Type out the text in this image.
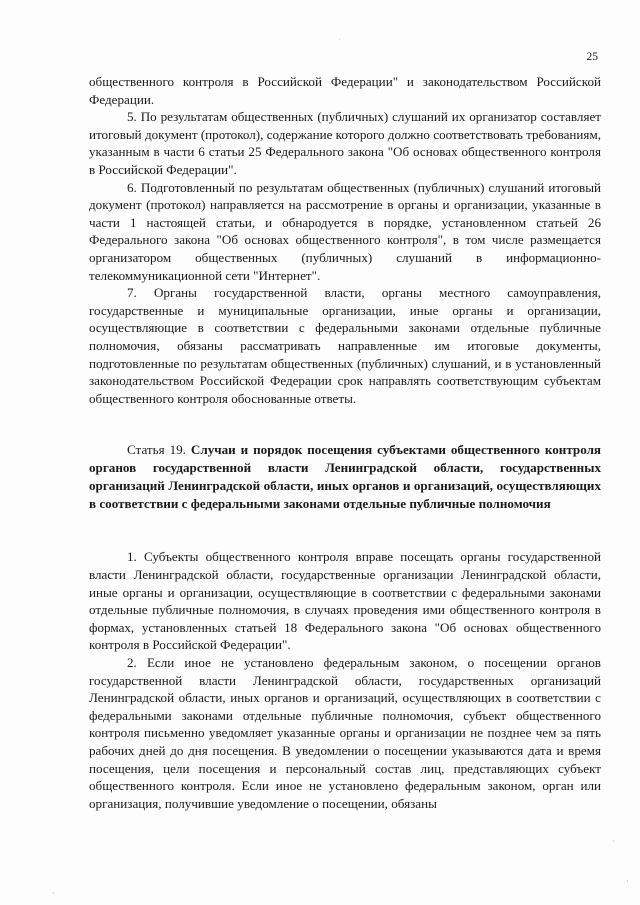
˙
·
·
·
25

общественного контроля в Российской Федерации" и законодательством Российской Федерации.

5. По результатам общественных (публичных) слушаний их организатор составляет итоговый документ (протокол), содержание которого должно соответствовать требованиям, указанным в части 6 статьи 25 Федерального закона "Об основах общественного контроля в Российской Федерации".

6. Подготовленный по результатам общественных (публичных) слушаний итоговый документ (протокол) направляется на рассмотрение в органы и организации, указанные в части 1 настоящей статьи, и обнародуется в порядке, установленном статьей 26 Федерального закона "Об основах общественного контроля", в том числе размещается организатором общественных (публичных) слушаний в информационно-телекоммуникационной сети "Интернет".

7. Органы государственной власти, органы местного самоуправления, государственные и муниципальные организации, иные органы и организации, осуществляющие в соответствии с федеральными законами отдельные публичные полномочия, обязаны рассматривать направленные им итоговые документы, подготовленные по результатам общественных (публичных) слушаний, и в установленный законодательством Российской Федерации срок направлять соответствующим субъектам общественного контроля обоснованные ответы.

Статья 19. Случаи и порядок посещения субъектами общественного контроля органов государственной власти Ленинградской области, государственных организаций Ленинградской области, иных органов и организаций, осуществляющих в соответствии с федеральными законами отдельные публичные полномочия

1. Субъекты общественного контроля вправе посещать органы государственной власти Ленинградской области, государственные организации Ленинградской области, иные органы и организации, осуществляющие в соответствии с федеральными законами отдельные публичные полномочия, в случаях проведения ими общественного контроля в формах, установленных статьей 18 Федерального закона "Об основах общественного контроля в Российской Федерации".

2. Если иное не установлено федеральным законом, о посещении органов государственной власти Ленинградской области, государственных организаций Ленинградской области, иных органов и организаций, осуществляющих в соответствии с федеральными законами отдельные публичные полномочия, субъект общественного контроля письменно уведомляет указанные органы и организации не позднее чем за пять рабочих дней до дня посещения. В уведомлении о посещении указываются дата и время посещения, цели посещения и персональный состав лиц, представляющих субъект общественного контроля. Если иное не установлено федеральным законом, орган или организация, получившие уведомление о посещении, обязаны
